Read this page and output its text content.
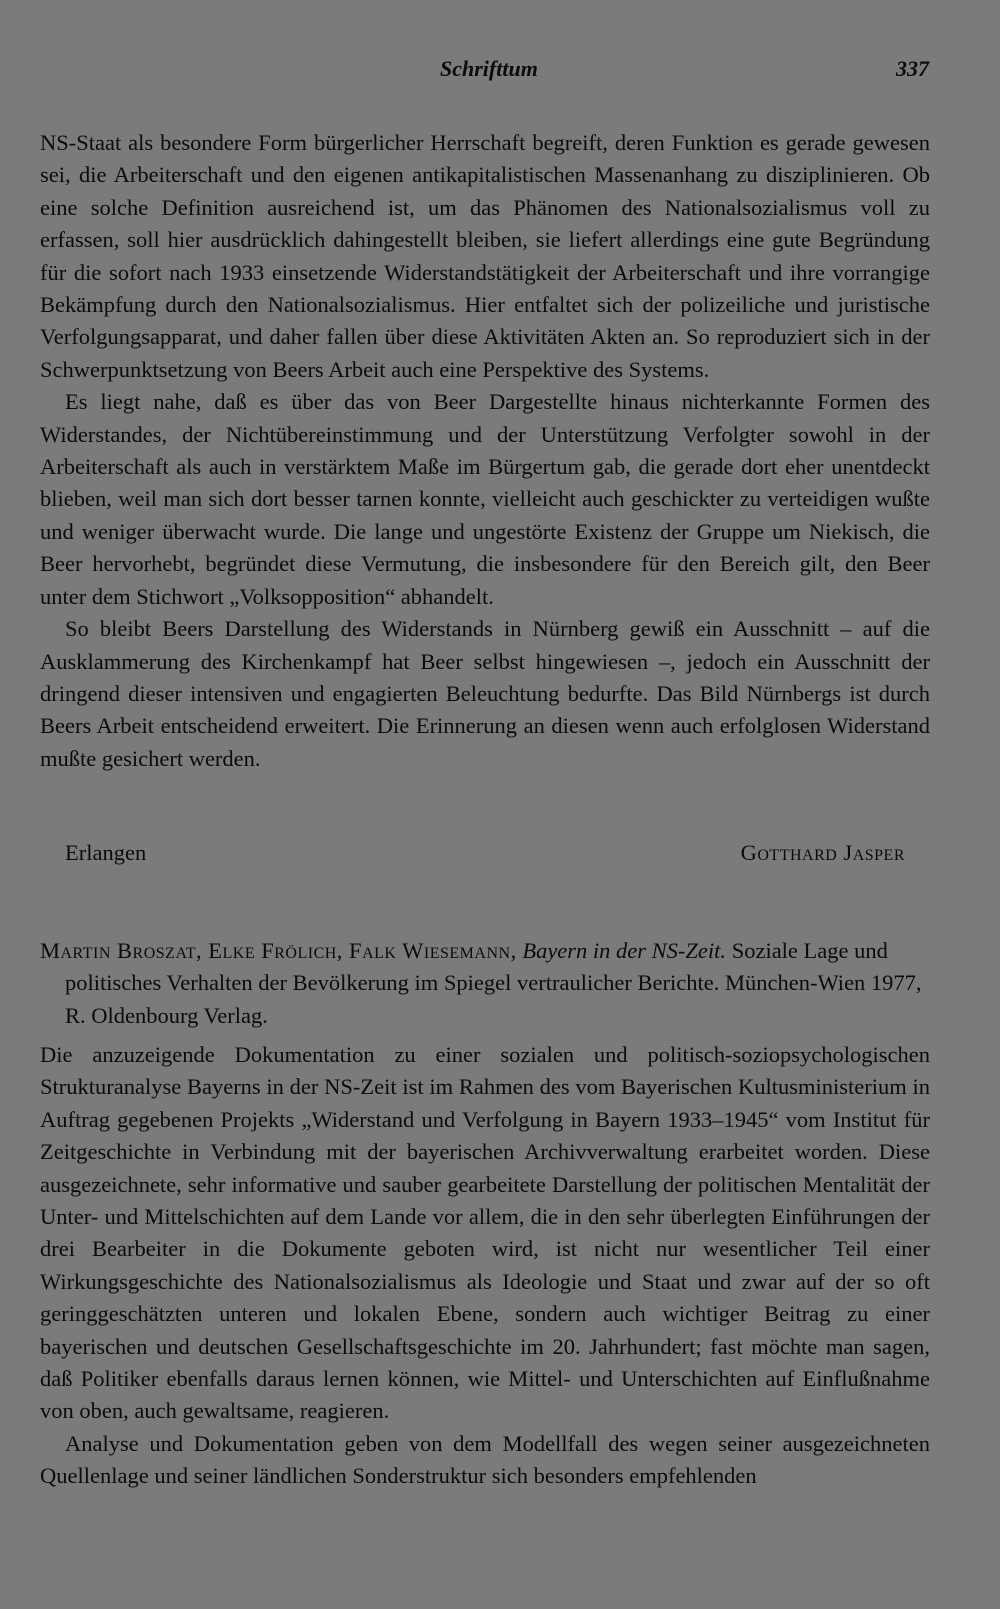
Schrifttum	337

NS-Staat als besondere Form bürgerlicher Herrschaft begreift, deren Funktion es gerade gewesen sei, die Arbeiterschaft und den eigenen antikapitalistischen Massenanhang zu disziplinieren. Ob eine solche Definition ausreichend ist, um das Phänomen des Nationalsozialismus voll zu erfassen, soll hier ausdrücklich dahingestellt bleiben, sie liefert allerdings eine gute Begründung für die sofort nach 1933 einsetzende Widerstandstätigkeit der Arbeiterschaft und ihre vorrangige Bekämpfung durch den Nationalsozialismus. Hier entfaltet sich der polizeiliche und juristische Verfolgungsapparat, und daher fallen über diese Aktivitäten Akten an. So reproduziert sich in der Schwerpunktsetzung von Beers Arbeit auch eine Perspektive des Systems.

Es liegt nahe, daß es über das von Beer Dargestellte hinaus nichterkannte Formen des Widerstandes, der Nichtübereinstimmung und der Unterstützung Verfolgter sowohl in der Arbeiterschaft als auch in verstärktem Maße im Bürgertum gab, die gerade dort eher unentdeckt blieben, weil man sich dort besser tarnen konnte, vielleicht auch geschickter zu verteidigen wußte und weniger überwacht wurde. Die lange und ungestörte Existenz der Gruppe um Niekisch, die Beer hervorhebt, begründet diese Vermutung, die insbesondere für den Bereich gilt, den Beer unter dem Stichwort „Volksopposition“ abhandelt.

So bleibt Beers Darstellung des Widerstands in Nürnberg gewiß ein Ausschnitt – auf die Ausklammerung des Kirchenkampf hat Beer selbst hingewiesen –, jedoch ein Ausschnitt der dringend dieser intensiven und engagierten Beleuchtung bedurfte. Das Bild Nürnbergs ist durch Beers Arbeit entscheidend erweitert. Die Erinnerung an diesen wenn auch erfolglosen Widerstand mußte gesichert werden.

Erlangen	Gotthard Jasper
Martin Broszat, Elke Frölich, Falk Wiesemann, Bayern in der NS-Zeit. Soziale Lage und politisches Verhalten der Bevölkerung im Spiegel vertraulicher Berichte. München-Wien 1977, R. Oldenbourg Verlag.

Die anzuzeigende Dokumentation zu einer sozialen und politisch-soziopsychologischen Strukturanalyse Bayerns in der NS-Zeit ist im Rahmen des vom Bayerischen Kultusministerium in Auftrag gegebenen Projekts „Widerstand und Verfolgung in Bayern 1933–1945“ vom Institut für Zeitgeschichte in Verbindung mit der bayerischen Archivverwaltung erarbeitet worden. Diese ausgezeichnete, sehr informative und sauber gearbeitete Darstellung der politischen Mentalität der Unter- und Mittelschichten auf dem Lande vor allem, die in den sehr überlegten Einführungen der drei Bearbeiter in die Dokumente geboten wird, ist nicht nur wesentlicher Teil einer Wirkungsgeschichte des Nationalsozialismus als Ideologie und Staat und zwar auf der so oft geringgeschätzten unteren und lokalen Ebene, sondern auch wichtiger Beitrag zu einer bayerischen und deutschen Gesellschaftsgeschichte im 20. Jahrhundert; fast möchte man sagen, daß Politiker ebenfalls daraus lernen können, wie Mittel- und Unterschichten auf Einflußnahme von oben, auch gewaltsame, reagieren.

Analyse und Dokumentation geben von dem Modellfall des wegen seiner ausgezeichneten Quellenlage und seiner ländlichen Sonderstruktur sich besonders empfehlenden
